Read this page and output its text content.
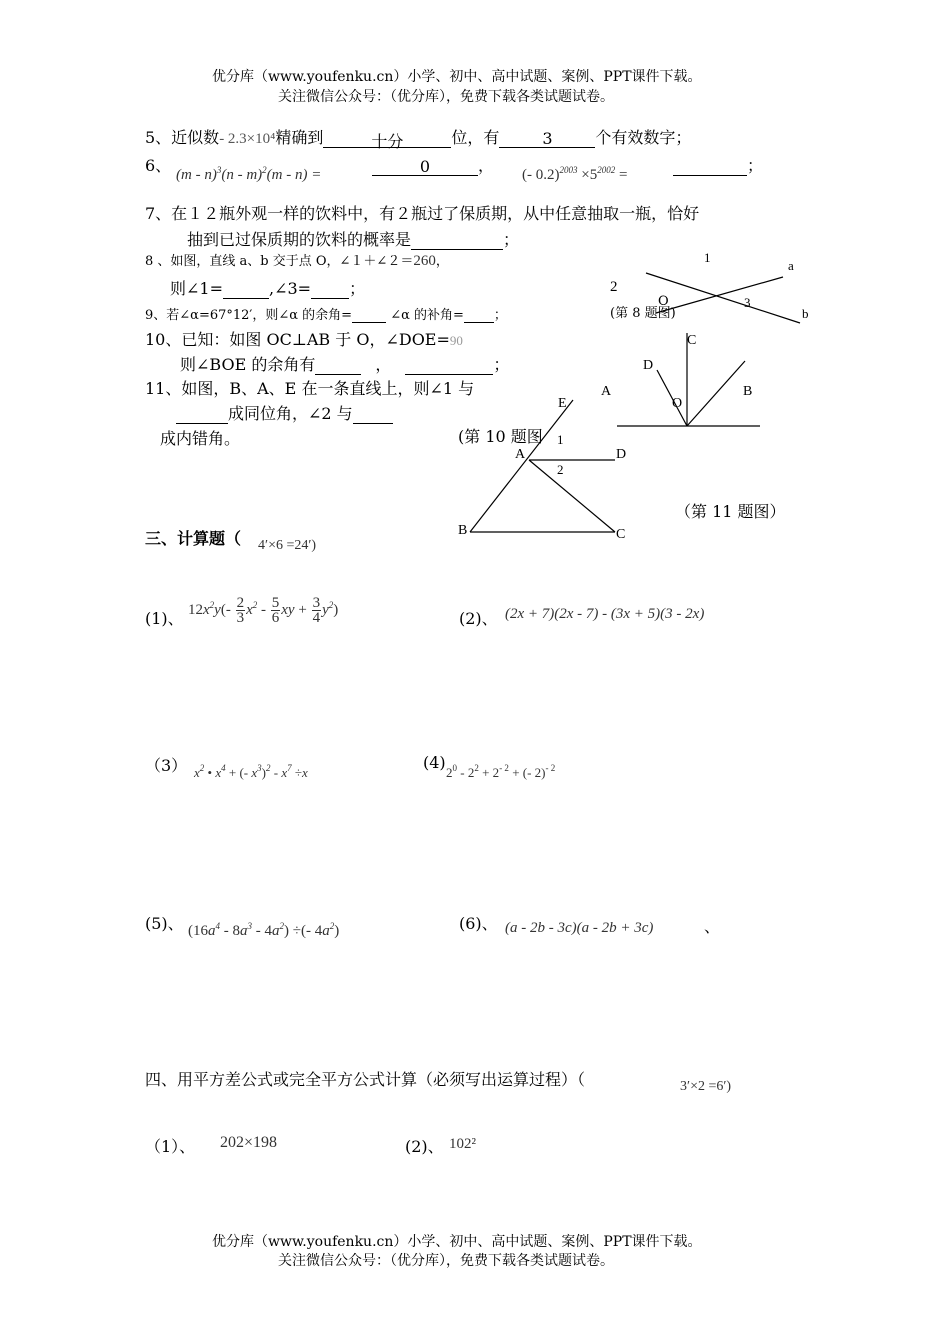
优分库（www.youfenku.cn）小学、初中、高中试题、案例、PPT课件下载。
关注微信公众号：（优分库），免费下载各类试题试卷。
5、近似数- 2.3×10⁴精确到	十分	位，有	3	个有效数字；
6、 (m - n)$^3$(n - m)$^2$(m - n) =	0	， (- $0.2)^{2003} \times 5^{2002}$ =	；
7、在１２瓶外观一样的饮料中，有２瓶过了保质期，从中任意抽取一瓶，恰好
抽到已过保质期的饮料的概率是	；
8 、如图，直线 a、b 交于点 O，∠１＋∠２＝260，
则∠1=	,∠3= ；
9、若∠α=67°12′，则∠α 的余角=	∠α 的补角= ；
10、已知：如图 OC⊥AB 于 O，∠DOE=90
则∠BOE 的余角有	，	；
11、如图，B、A、E 在一条直线上，则∠1 与
成同位角，∠2 与
成内错角。
1
a
2
3
b
(第 8 题图)
O
C
D
A	B
O
(第 10 题图
E
A	D
1
2
B	C
（第 11 题图）
三、计算题（ 4′×6 =24′)
(1)、 $12x^2y(- \frac{2}{3} x^2 - \frac{5}{6}$ xy + $\frac{3}{4} y^2$)	(2)、 (2x + 7)(2x - 7) - (3x + 5)(3 - 2x)
（3） $x^2$ • $x^4$ + (- $x^3)^2 - x^7 \div x$
(4)
$2^0 - 2^2 + 2^{- 2}$ + (- 2)$^{- 2}$
(5)、 $(16a^4 - 8a^3 - 4a^2)$ ÷(- $4a^2$)	(6)、 (a - 2b - 3c)(a - 2b + 3c)	、
四、用平方差公式或完全平方公式计算（必须写出运算过程）（	3′×2 =6′)
（1）、 202×198	(2)、 102²
优分库（www.youfenku.cn）小学、初中、高中试题、案例、PPT课件下载。
关注微信公众号：（优分库），免费下载各类试题试卷。
